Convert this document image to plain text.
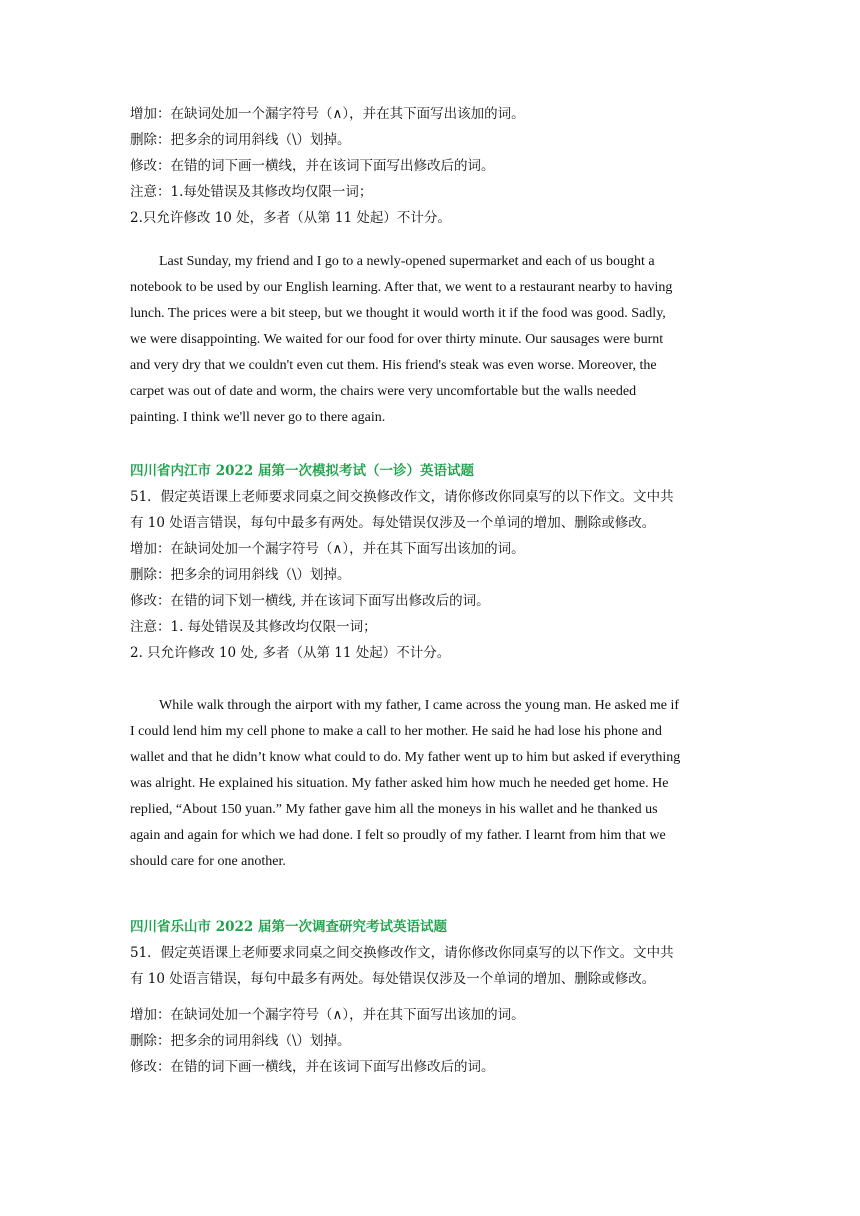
增加：在缺词处加一个漏字符号（∧），并在其下面写出该加的词。
删除：把多余的词用斜线（\）划掉。
修改：在错的词下画一横线，并在该词下面写出修改后的词。
注意：1.每处错误及其修改均仅限一词；
2.只允许修改 10 处，多者（从第 11 处起）不计分。
Last Sunday, my friend and I go to a newly-opened supermarket and each of us bought a
notebook to be used by our English learning. After that, we went to a restaurant nearby to having
lunch. The prices were a bit steep, but we thought it would worth it if the food was good. Sadly,
we were disappointing. We waited for our food for over thirty minute. Our sausages were burnt
and very dry that we couldn't even cut them. His friend's steak was even worse. Moreover, the
carpet was out of date and worm, the chairs were very uncomfortable but the walls needed
painting. I think we'll never go to there again.
四川省内江市 2022 届第一次模拟考试（一诊）英语试题
51．假定英语课上老师要求同桌之间交换修改作文，请你修改你同桌写的以下作文。文中共
有 10 处语言错误，每句中最多有两处。每处错误仅涉及一个单词的增加、删除或修改。
增加：在缺词处加一个漏字符号（∧），并在其下面写出该加的词。
删除：把多余的词用斜线（\）划掉。
修改：在错的词下划一横线, 并在该词下面写出修改后的词。
注意：1. 每处错误及其修改均仅限一词；
2. 只允许修改 10 处, 多者（从第 11 处起）不计分。
While walk through the airport with my father, I came across the young man. He asked me if
I could lend him my cell phone to make a call to her mother. He said he had lose his phone and
wallet and that he didn’t know what could to do. My father went up to him but asked if everything
was alright. He explained his situation. My father asked him how much he needed get home. He
replied, “About 150 yuan.” My father gave him all the moneys in his wallet and he thanked us
again and again for which we had done. I felt so proudly of my father. I learnt from him that we
should care for one another.
四川省乐山市 2022 届第一次调查研究考试英语试题
51．假定英语课上老师要求同桌之间交换修改作文，请你修改你同桌写的以下作文。文中共
有 10 处语言错误，每句中最多有两处。每处错误仅涉及一个单词的增加、删除或修改。
增加：在缺词处加一个漏字符号（∧），并在其下面写出该加的词。
删除：把多余的词用斜线（\）划掉。
修改：在错的词下画一横线，并在该词下面写出修改后的词。
